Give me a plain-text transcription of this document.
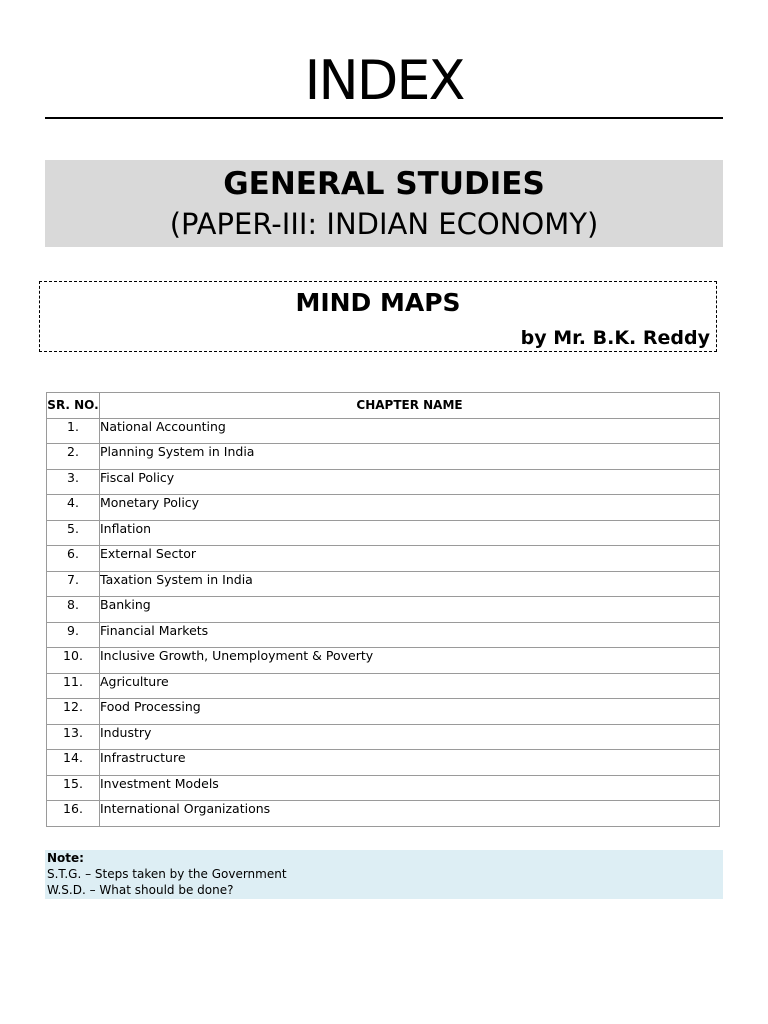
INDEX
GENERAL STUDIES
(PAPER-III: INDIAN ECONOMY)
MIND MAPS
by Mr. B.K. Reddy
SR. NO.	CHAPTER NAME
1.	National Accounting
2.	Planning System in India
3.	Fiscal Policy
4.	Monetary Policy
5.	Inflation
6.	External Sector
7.	Taxation System in India
8.	Banking
9.	Financial Markets
10.	Inclusive Growth, Unemployment & Poverty
11.	Agriculture
12.	Food Processing
13.	Industry
14.	Infrastructure
15.	Investment Models
16.	International Organizations
Note:
S.T.G. – Steps taken by the Government
W.S.D. – What should be done?
